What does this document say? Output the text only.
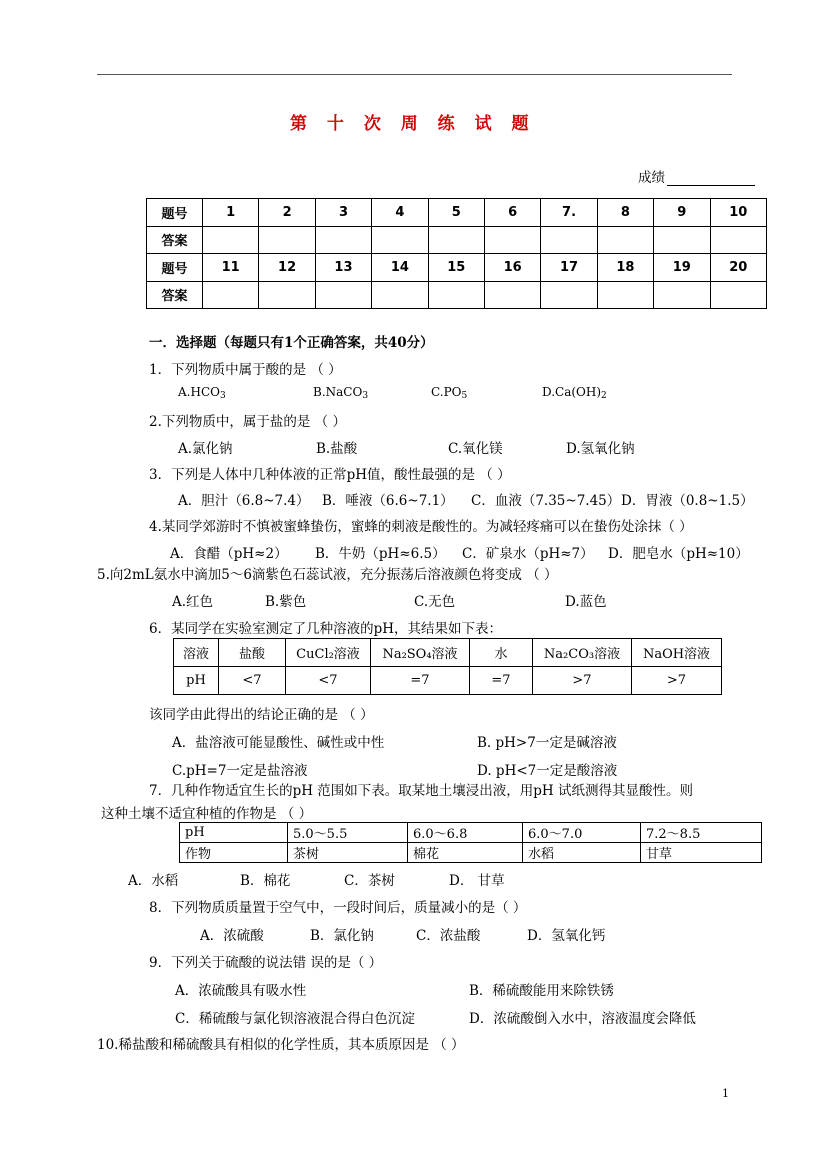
第 十 次 周 练 试 题
成绩
题号	1	2	3	4	5	6	7.	8	9	10
答案										
题号	11	12	13	14	15	16	17	18	19	20
答案										
一．选择题（每题只有1个正确答案，共40分）
1．下列物质中属于酸的是 （ ）
$A.HCO_3$	B.NaCO$_3$	$C.PO_5$	$D.Ca(OH)_2$
2.下列物质中，属于盐的是 （ ）
A.氯化钠	B.盐酸	C.氧化镁	D.氢氧化钠
3．下列是人体中几种体液的正常pH值，酸性最强的是 （ ）
A．胆汁（6.8~7.4） B．唾液（6.6~7.1） C．血液（7.35~7.45） D．胃液（0.8~1.5）
4.某同学郊游时不慎被蜜蜂蛰伤，蜜蜂的刺液是酸性的。为减轻疼痛可以在蛰伤处涂抹（ ）
A．食醋（pH≈2） B．牛奶（pH≈6.5） C．矿泉水（pH≈7） D．肥皂水（pH≈10）
5.向2mL氨水中滴加5～6滴紫色石蕊试液，充分振荡后溶液颜色将变成 （ ）
A.红色	B.紫色	C.无色	D.蓝色
6．某同学在实验室测定了几种溶液的pH，其结果如下表：
溶液	盐酸	CuCl₂溶液	Na₂SO₄溶液	水	Na₂CO₃溶液	NaOH溶液
pH	<7	<7	=7	=7	>7	>7
该同学由此得出的结论正确的是 （ ）
A．盐溶液可能显酸性、碱性或中性	B. pH>7一定是碱溶液
C.pH=7一定是盐溶液	D. pH<7一定是酸溶液
7．几种作物适宜生长的pH 范围如下表。取某地土壤浸出液，用pH 试纸测得其显酸性。则
这种土壤不适宜种植的作物是 （ ）
pH	5.0～5.5	6.0～6.8	6.0～7.0	7.2～8.5
作物	茶树	棉花	水稻	甘草
A．水稻	B．棉花	C．茶树	D． 甘草
8．下列物质质量置于空气中，一段时间后，质量减小的是（ ）
A．浓硫酸	B．氯化钠	C．浓盐酸	D．氢氧化钙
9．下列关于硫酸的说法错 误的是（ ）
A．浓硫酸具有吸水性	B．稀硫酸能用来除铁锈
C．稀硫酸与氯化钡溶液混合得白色沉淀	D．浓硫酸倒入水中，溶液温度会降低
10.稀盐酸和稀硫酸具有相似的化学性质，其本质原因是 （ ）
1
